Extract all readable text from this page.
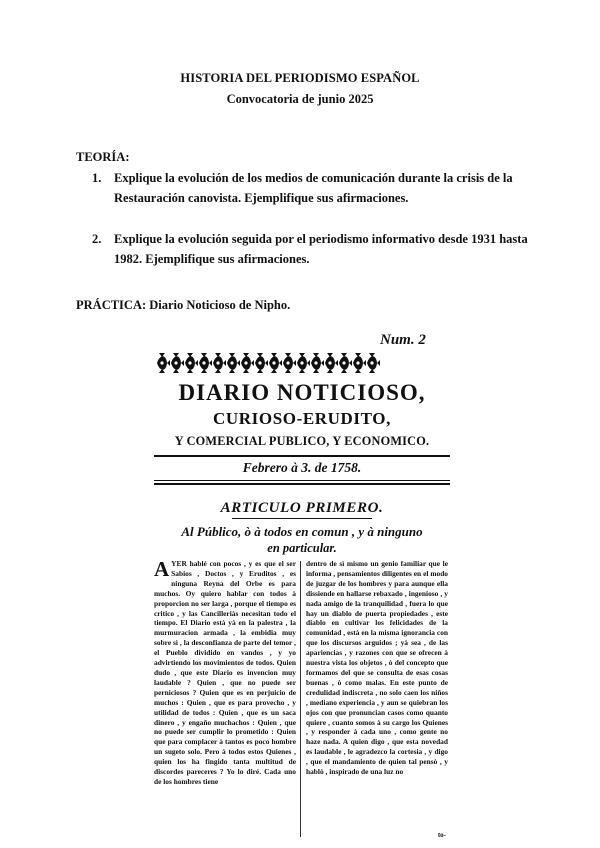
HISTORIA DEL PERIODISMO ESPAÑOL
Convocatoria de junio 2025
TEORÍA:
1. Explique la evolución de los medios de comunicación durante la crisis de la
Restauración canovista. Ejemplifique sus afirmaciones.
2. Explique la evolución seguida por el periodismo informativo desde 1931 hasta
1982. Ejemplifique sus afirmaciones.
PRÁCTICA: Diario Noticioso de Nipho.
Num. 2
DIARIO NOTICIOSO,
CURIOSO-ERUDITO,
Y COMERCIAL PUBLICO, Y ECONOMICO.
Febrero à 3. de 1758.
ARTICULO PRIMERO.
Al Público, ò à todos en comun , y à ninguno
en particular.
AYER hablé con pocos , y es que el ser Sabios , Doctos , y Eruditos , es ninguna Reyna del Orbe es para muchos. Oy quiero hablar con todos à proporcion no ser larga , porque el tiempo es critico , y las Cancilleriàs necesitan todo el tiempo. El Diario està yà en la palestra , la murmuracion armada , la embidia muy sobre sì , la desconfianza de parte del temor , el Pueblo dividido en vandos , y yo advirtiendo los movimientos de todos. Quien dudo , que este Diario es invencion muy laudable ? Quien , que no puede ser perniciosos ? Quien que es en perjuicio de muchos : Quien , que es para provecho , y utilidad de todos : Quien , que es un saca dinero , y engaño muchachos : Quien , que no puede ser cumplir lo prometido : Quien que para complacer à tantos es poco hombre un sugeto solo. Pero à todos estos Quienes , quien los ha fingido tanta multitud de discordes pareceres ? Yo lo diré. Cada uno de los hombres tiene
dentro de sì mismo un genio familiar que le informa , pensamientos diligentes en el modo de juzgar de los hombres y para aunque ella dissiende en hallarse rebaxado , ingenioso , y nada amigo de la tranquilidad , fuera lo que hay un diablo de puerta propiedades , este diablo en cultivar los felicidades de la comunidad , està en la misma ignorancia con que los discursos arguidos ; yà sea , de las apariencias , y razones con que se ofrecen à nuestra vista los objetos , ò del concepto que formamos del que se consulta de esas cosas buenas , ò como malas. En este punto de credulidad indiscreta , no solo caen los niños , mediano experiencia , y aun se quiebran los ojos con que pronuncian casos como quanto quiere , cuanto somos à su cargo los Quienes , y responder à cada uno , como gente no haze nada. A quien digo , que esta novedad es laudable , le agradezco la cortesia , y digo , que el mandamiento de quien tal pensò , y hablò , inspirado de una luz no
to-
